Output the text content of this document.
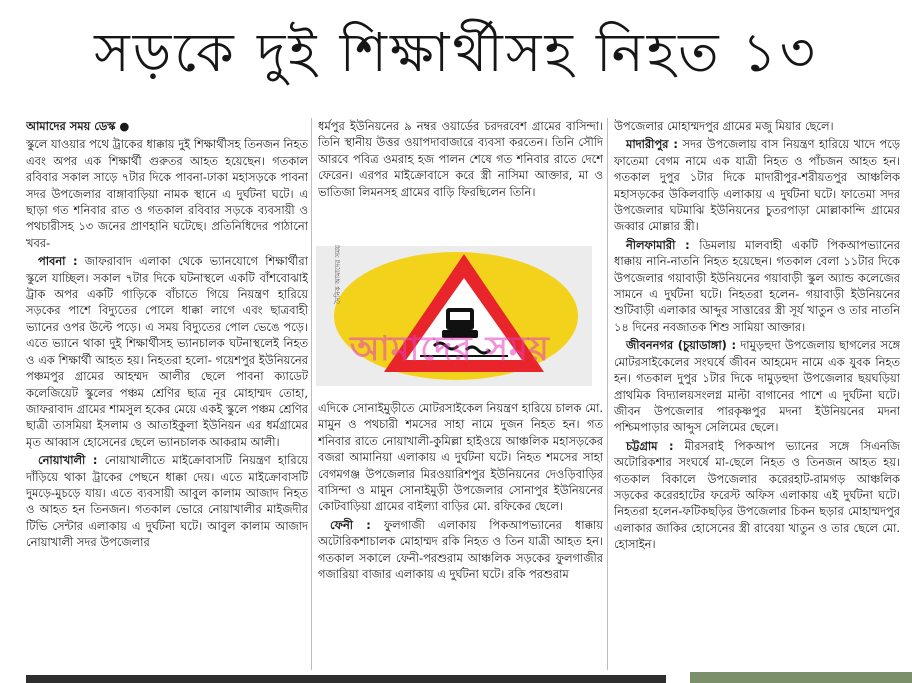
সড়কে দুই শিক্ষার্থীসহ নিহত ১৩

আমাদের সময় ডেস্ক ●

স্কুলে যাওয়ার পথে ট্রাকের ধাক্কায় দুই শিক্ষার্থীসহ তিনজন নিহত এবং অপর এক শিক্ষার্থী গুরুতর আহত হয়েছেন। গতকাল রবিবার সকাল সাড়ে ৭টার দিকে পাবনা-ঢাকা মহাসড়কে পাবনা সদর উপজেলার বাঙ্গাবাড়িয়া নামক স্থানে এ দুর্ঘটনা ঘটে। এ ছাড়া গত শনিবার রাত ও গতকাল রবিবার সড়কে ব্যবসায়ী ও পথচারীসহ ১৩ জনের প্রাণহানি ঘটেছে। প্রতিনিধিদের পাঠানো খবর-

পাবনা : জাফরাবাদ এলাকা থেকে ভ্যানযোগে শিক্ষার্থীরা স্কুলে যাচ্ছিল। সকাল ৭টার দিকে ঘটনাস্থলে একটি বাঁশবোঝাই ট্রাক অপর একটি গাড়িকে বাঁচাতে গিয়ে নিয়ন্ত্রণ হারিয়ে সড়কের পাশে বিদ্যুতের পোলে ধাক্কা লাগে এবং ছাত্রবাহী ভ্যানের ওপর উল্টে পড়ে। এ সময় বিদ্যুতের পোল ভেঙে পড়ে। এতে ভ্যানে থাকা দুই শিক্ষার্থীসহ ভ্যানচালক ঘটনাস্থলেই নিহত ও এক শিক্ষার্থী আহত হয়। নিহতরা হলো- গয়েশপুর ইউনিয়নের পঞ্চমপুর গ্রামের আহম্মদ আলীর ছেলে পাবনা ক্যাডেট কলেজিয়েট স্কুলের পঞ্চম শ্রেণির ছাত্র নূর মোহাম্মদ তোহা, জাফরাবাদ গ্রামের শামসুল হকের মেয়ে একই স্কুলে পঞ্চম শ্রেণির ছাত্রী তাসমিয়া ইসলাম ও আতাইকুলা ইউনিয়ন এর ধর্মগ্রামের মৃত আব্বাস হোসেনের ছেলে ভ্যানচালক আকরাম আলী।

নোয়াখালী : নোয়াখালীতে মাইক্রোবাসটি নিয়ন্ত্রণ হারিয়ে দাঁড়িয়ে থাকা ট্রাকের পেছনে ধাক্কা দেয়। এতে মাইক্রোবাসটি দুমড়ে-মুচড়ে যায়। এতে ব্যবসায়ী আবুল কালাম আজাদ নিহত ও আহত হন তিনজন। গতকাল ভোরে নোয়াখালীর মাইজদীর টিভি সেন্টার এলাকায় এ দুর্ঘটনা ঘটে। আবুল কালাম আজাদ নোয়াখালী সদর উপজেলার

ধর্মপুর ইউনিয়নের ৯ নম্বর ওয়ার্ডের চরদরবেশ গ্রামের বাসিন্দা। তিনি স্থানীয় উত্তর ওয়াপদাবাজারে ব্যবসা করতেন। তিনি সৌদি আরবে পবিত্র ওমরাহ হজ পালন শেষে গত শনিবার রাতে দেশে ফেরেন। এরপর মাইক্রোবাসে করে স্ত্রী নাসিমা আক্তার, মা ও ভাতিজা লিমনসহ গ্রামের বাড়ি ফিরছিলেন তিনি।

দৈনিক আমাদের সময়
আমাদের সময়

এদিকে সোনাইমুড়ীতে মোটরসাইকেল নিয়ন্ত্রণ হারিয়ে চালক মো. মামুন ও পথচারী শমসের সাহা নামে দুজন নিহত হন। গত শনিবার রাতে নোয়াখালী-কুমিল্লা হাইওয়ে আঞ্চলিক মহাসড়কের বজরা আমানিয়া এলাকায় এ দুর্ঘটনা ঘটে। নিহত শমসের সাহা বেগমগঞ্জ উপজেলার মিরওয়ারিশপুর ইউনিয়নের দেওড়িবাড়ির বাসিন্দা ও মামুন সোনাইমুড়ী উপজেলার সোনাপুর ইউনিয়নের কোটবাড়িয়া গ্রামের বাইল্যা বাড়ির মো. রফিকের ছেলে।

ফেনী : ফুলগাজী এলাকায় পিকআপভ্যানের ধাক্কায় অটোরিকশাচালক মোহাম্মদ রকি নিহত ও তিন যাত্রী আহত হন। গতকাল সকালে ফেনী-পরশুরাম আঞ্চলিক সড়কের ফুলগাজীর গজারিয়া বাজার এলাকায় এ দুর্ঘটনা ঘটে। রকি পরশুরাম

উপজেলার মোহাম্মদপুর গ্রামের মজু মিয়ার ছেলে।

মাদারীপুর : সদর উপজেলায় বাস নিয়ন্ত্রণ হারিয়ে খাদে পড়ে ফাতেমা বেগম নামে এক যাত্রী নিহত ও পাঁচজন আহত হন। গতকাল দুপুর ১টার দিকে মাদারীপুর-শরীয়তপুর আঞ্চলিক মহাসড়কের উকিলবাড়ি এলাকায় এ দুর্ঘটনা ঘটে। ফাতেমা সদর উপজেলার ঘটমাঝি ইউনিয়নের চুতরপাড়া মোল্লাকান্দি গ্রামের জব্বার মোল্লার স্ত্রী।

নীলফামারী : ডিমলায় মালবাহী একটি পিকআপভ্যানের ধাক্কায় নানি-নাতনি নিহত হয়েছেন। গতকাল বেলা ১১টার দিকে উপজেলার গয়াবাড়ী ইউনিয়নের গয়াবাড়ী স্কুল অ্যান্ড কলেজের সামনে এ দুর্ঘটনা ঘটে। নিহতরা হলেন- গয়াবাড়ী ইউনিয়নের শুটিবাড়ী এলাকার আব্দুর সাত্তারের স্ত্রী সূর্য খাতুন ও তার নাতনি ১৪ দিনের নবজাতক শিশু সামিয়া আক্তার।

জীবননগর (চুয়াডাঙ্গা) : দামুড়হুদা উপজেলায় ছাগলের সঙ্গে মোটরসাইকেলের সংঘর্ষে জীবন আহমেদ নামে এক যুবক নিহত হন। গতকাল দুপুর ১টার দিকে দামুড়হুদা উপজেলার ছয়ঘড়িয়া প্রাথমিক বিদ্যালয়সংলগ্ন মাল্টা বাগানের পাশে এ দুর্ঘটনা ঘটে। জীবন উপজেলার পারকৃষ্ণপুর মদনা ইউনিয়নের মদনা পশ্চিমপাড়ার আব্দুস সেলিমের ছেলে।

চট্টগ্রাম : মীরসরাই পিকআপ ভ্যানের সঙ্গে সিএনজি অটোরিকশার সংঘর্ষে মা-ছেলে নিহত ও তিনজন আহত হয়। গতকাল বিকালে উপজেলার করেরহাট-রামগড় আঞ্চলিক সড়কের করেরহাটের ফরেস্ট অফিস এলাকায় এই দুর্ঘটনা ঘটে। নিহতরা হলেন-ফটিকছড়ির উপজেলার চিকন ছড়ার মোহাম্মদপুর এলাকার জাকির হোসেনের স্ত্রী রাবেয়া খাতুন ও তার ছেলে মো. হোসাইন।
